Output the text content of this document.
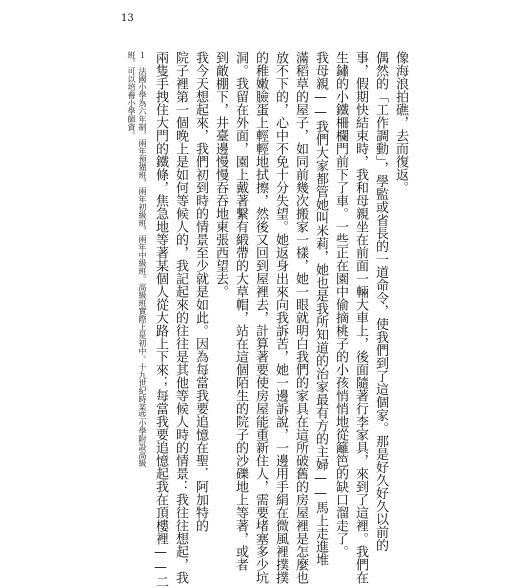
13
像海浪拍礁，去而復返。
偶然的「工作調動」，學監或省長的一道命令，使我們到了這個家。那是好久好久以前的
事，假期快結束時，我和母親坐在前面一輛大車上，後面隨著行李家具，來到了這裡。我們在
生鏽的小鐵柵欄門前下了車。一些正在園中偷摘桃子的小孩悄悄地從籬笆的缺口溜走了。
我母親——我們大家都管她叫米莉，她也是我所知道的治家最有方的主婦——馬上走進堆
滿稻草的屋子，如同前幾次搬家一樣，她一眼就明白我們的家具在這所破舊的房屋裡是怎麼也
放不下的，心中不免十分失望。她返身出來向我訴苦，她一邊訴說，一邊用手絹在微風裡撲撲
的稚嫩臉蛋上輕輕地拭擦，然後又回到屋裡去，計算著要使房屋能重新住人，需要堵塞多少坑
洞。我留在外面，園上戴著繫有緞帶的大草帽，站在這個陌生的院子的沙礫地上等著，或者
到敵棚下，井臺邊慢慢吞吞地東張西望去。
我今天想起來，我們初到時的情景至少就是如此。因為每當我要追憶在聖．阿加特的
院子裡第一個晚上是如何等候人的，我記起來的往往是其他等候人時的情景：我往往想起，我
兩隻手拽住大門的鐵條，焦急地等著某個人從大路上下來；每當我要追憶起我在頂樓裡——二
１　法國小學為六年制，兩年預備班，兩年初級班，兩年中級班。高級班實際上是初中。十九世紀時某些小學附設高級
班，可以培養小學師資。
